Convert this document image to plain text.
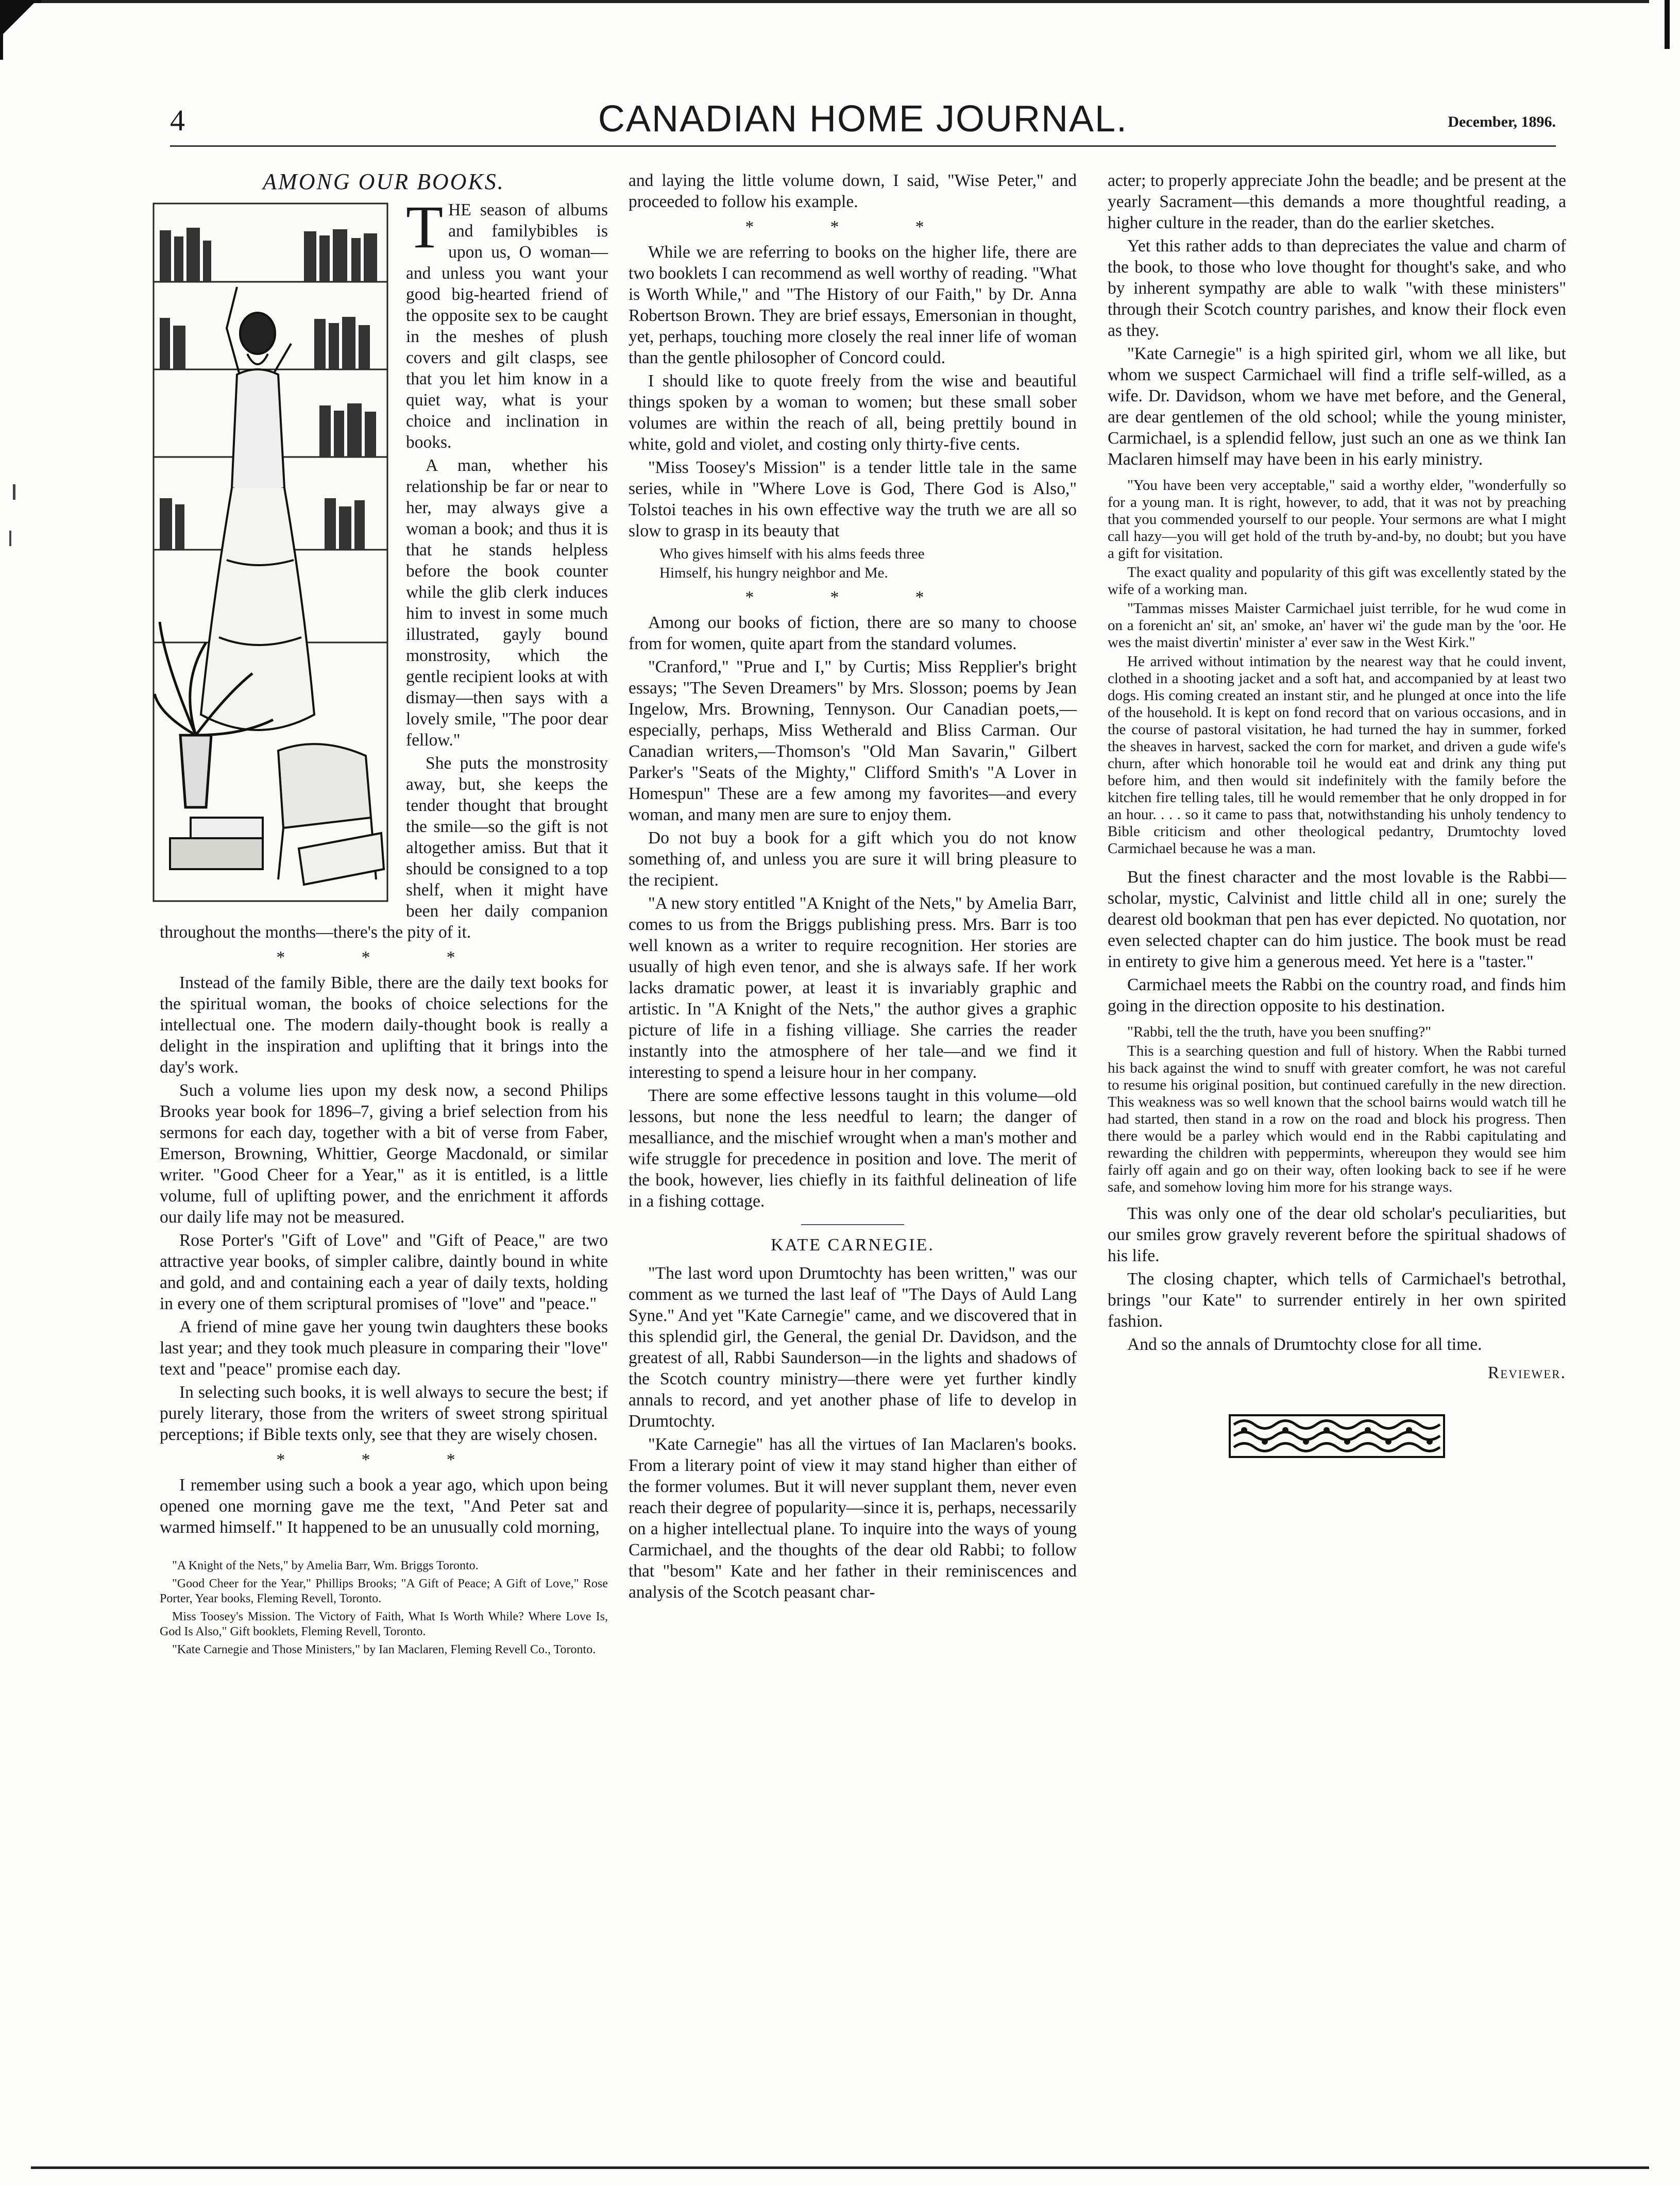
4	CANADIAN HOME JOURNAL.	December, 1896.
AMONG OUR BOOKS.

THE season of albums and familybibles is upon us, O woman—and unless you want your good big-hearted friend of the opposite sex to be caught in the meshes of plush covers and gilt clasps, see that you let him know in a quiet way, what is your choice and inclination in books.

A man, whether his relationship be far or near to her, may always give a woman a book; and thus it is that he stands helpless before the book counter while the glib clerk induces him to invest in some much illustrated, gayly bound monstrosity, which the gentle recipient looks at with dismay—then says with a lovely smile, "The poor dear fellow."

She puts the monstrosity away, but, she keeps the tender thought that brought the smile—so the gift is not altogether amiss. But that it should be consigned to a top shelf, when it might have been her daily companion throughout the months—there's the pity of it.

* * *

Instead of the family Bible, there are the daily text books for the spiritual woman, the books of choice selections for the intellectual one. The modern daily-thought book is really a delight in the inspiration and uplifting that it brings into the day's work.

Such a volume lies upon my desk now, a second Philips Brooks year book for 1896–7, giving a brief selection from his sermons for each day, together with a bit of verse from Faber, Emerson, Browning, Whittier, George Macdonald, or similar writer. "Good Cheer for a Year," as it is entitled, is a little volume, full of uplifting power, and the enrichment it affords our daily life may not be measured.

Rose Porter's "Gift of Love" and "Gift of Peace," are two attractive year books, of simpler calibre, daintly bound in white and gold, and and containing each a year of daily texts, holding in every one of them scriptural promises of "love" and "peace."

A friend of mine gave her young twin daughters these books last year; and they took much pleasure in comparing their "love" text and "peace" promise each day.

In selecting such books, it is well always to secure the best; if purely literary, those from the writers of sweet strong spiritual perceptions; if Bible texts only, see that they are wisely chosen.

* * *

I remember using such a book a year ago, which upon being opened one morning gave me the text, "And Peter sat and warmed himself." It happened to be an unusually cold morning,

"A Knight of the Nets," by Amelia Barr, Wm. Briggs Toronto.

"Good Cheer for the Year," Phillips Brooks; "A Gift of Peace; A Gift of Love," Rose Porter, Year books, Fleming Revell, Toronto.

Miss Toosey's Mission. The Victory of Faith, What Is Worth While? Where Love Is, God Is Also," Gift booklets, Fleming Revell, Toronto.

"Kate Carnegie and Those Ministers," by Ian Maclaren, Fleming Revell Co., Toronto.

and laying the little volume down, I said, "Wise Peter," and proceeded to follow his example.

* * *

While we are referring to books on the higher life, there are two booklets I can recommend as well worthy of reading. "What is Worth While," and "The History of our Faith," by Dr. Anna Robertson Brown. They are brief essays, Emersonian in thought, yet, perhaps, touching more closely the real inner life of woman than the gentle philosopher of Concord could.

I should like to quote freely from the wise and beautiful things spoken by a woman to women; but these small sober volumes are within the reach of all, being prettily bound in white, gold and violet, and costing only thirty-five cents.

"Miss Toosey's Mission" is a tender little tale in the same series, while in "Where Love is God, There God is Also," Tolstoi teaches in his own effective way the truth we are all so slow to grasp in its beauty that

Who gives himself with his alms feeds three

Himself, his hungry neighbor and Me.

* * *

Among our books of fiction, there are so many to choose from for women, quite apart from the standard volumes.

"Cranford," "Prue and I," by Curtis; Miss Repplier's bright essays; "The Seven Dreamers" by Mrs. Slosson; poems by Jean Ingelow, Mrs. Browning, Tennyson. Our Canadian poets,—especially, perhaps, Miss Wetherald and Bliss Carman. Our Canadian writers,—Thomson's "Old Man Savarin," Gilbert Parker's "Seats of the Mighty," Clifford Smith's "A Lover in Homespun" These are a few among my favorites—and every woman, and many men are sure to enjoy them.

Do not buy a book for a gift which you do not know something of, and unless you are sure it will bring pleasure to the recipient.

"A new story entitled "A Knight of the Nets," by Amelia Barr, comes to us from the Briggs publishing press. Mrs. Barr is too well known as a writer to require recognition. Her stories are usually of high even tenor, and she is always safe. If her work lacks dramatic power, at least it is invariably graphic and artistic. In "A Knight of the Nets," the author gives a graphic picture of life in a fishing villiage. She carries the reader instantly into the atmosphere of her tale—and we find it interesting to spend a leisure hour in her company.

There are some effective lessons taught in this volume—old lessons, but none the less needful to learn; the danger of mesalliance, and the mischief wrought when a man's mother and wife struggle for precedence in position and love. The merit of the book, however, lies chiefly in its faithful delineation of life in a fishing cottage.

KATE CARNEGIE.

"The last word upon Drumtochty has been written," was our comment as we turned the last leaf of "The Days of Auld Lang Syne." And yet "Kate Carnegie" came, and we discovered that in this splendid girl, the General, the genial Dr. Davidson, and the greatest of all, Rabbi Saunderson—in the lights and shadows of the Scotch country ministry—there were yet further kindly annals to record, and yet another phase of life to develop in Drumtochty.

"Kate Carnegie" has all the virtues of Ian Maclaren's books. From a literary point of view it may stand higher than either of the former volumes. But it will never supplant them, never even reach their degree of popularity—since it is, perhaps, necessarily on a higher intellectual plane. To inquire into the ways of young Carmichael, and the thoughts of the dear old Rabbi; to follow that "besom" Kate and her father in their reminiscences and analysis of the Scotch peasant char-

acter; to properly appreciate John the beadle; and be present at the yearly Sacrament—this demands a more thoughtful reading, a higher culture in the reader, than do the earlier sketches.

Yet this rather adds to than depreciates the value and charm of the book, to those who love thought for thought's sake, and who by inherent sympathy are able to walk "with these ministers" through their Scotch country parishes, and know their flock even as they.

"Kate Carnegie" is a high spirited girl, whom we all like, but whom we suspect Carmichael will find a trifle self-willed, as a wife. Dr. Davidson, whom we have met before, and the General, are dear gentlemen of the old school; while the young minister, Carmichael, is a splendid fellow, just such an one as we think Ian Maclaren himself may have been in his early ministry.

"You have been very acceptable," said a worthy elder, "wonderfully so for a young man. It is right, however, to add, that it was not by preaching that you commended yourself to our people. Your sermons are what I might call hazy—you will get hold of the truth by-and-by, no doubt; but you have a gift for visitation.

The exact quality and popularity of this gift was excellently stated by the wife of a working man.

"Tammas misses Maister Carmichael juist terrible, for he wud come in on a forenicht an' sit, an' smoke, an' haver wi' the gude man by the 'oor. He wes the maist divertin' minister a' ever saw in the West Kirk."

He arrived without intimation by the nearest way that he could invent, clothed in a shooting jacket and a soft hat, and accompanied by at least two dogs. His coming created an instant stir, and he plunged at once into the life of the household. It is kept on fond record that on various occasions, and in the course of pastoral visitation, he had turned the hay in summer, forked the sheaves in harvest, sacked the corn for market, and driven a gude wife's churn, after which honorable toil he would eat and drink any thing put before him, and then would sit indefinitely with the family before the kitchen fire telling tales, till he would remember that he only dropped in for an hour. . . . so it came to pass that, notwithstanding his unholy tendency to Bible criticism and other theological pedantry, Drumtochty loved Carmichael because he was a man.

But the finest character and the most lovable is the Rabbi—scholar, mystic, Calvinist and little child all in one; surely the dearest old bookman that pen has ever depicted. No quotation, nor even selected chapter can do him justice. The book must be read in entirety to give him a generous meed. Yet here is a "taster."

Carmichael meets the Rabbi on the country road, and finds him going in the direction opposite to his destination.

"Rabbi, tell the the truth, have you been snuffing?"

This is a searching question and full of history. When the Rabbi turned his back against the wind to snuff with greater comfort, he was not careful to resume his original position, but continued carefully in the new direction. This weakness was so well known that the school bairns would watch till he had started, then stand in a row on the road and block his progress. Then there would be a parley which would end in the Rabbi capitulating and rewarding the children with peppermints, whereupon they would see him fairly off again and go on their way, often looking back to see if he were safe, and somehow loving him more for his strange ways.

This was only one of the dear old scholar's peculiarities, but our smiles grow gravely reverent before the spiritual shadows of his life.

The closing chapter, which tells of Carmichael's betrothal, brings "our Kate" to surrender entirely in her own spirited fashion.

And so the annals of Drumtochty close for all time.

Reviewer.
